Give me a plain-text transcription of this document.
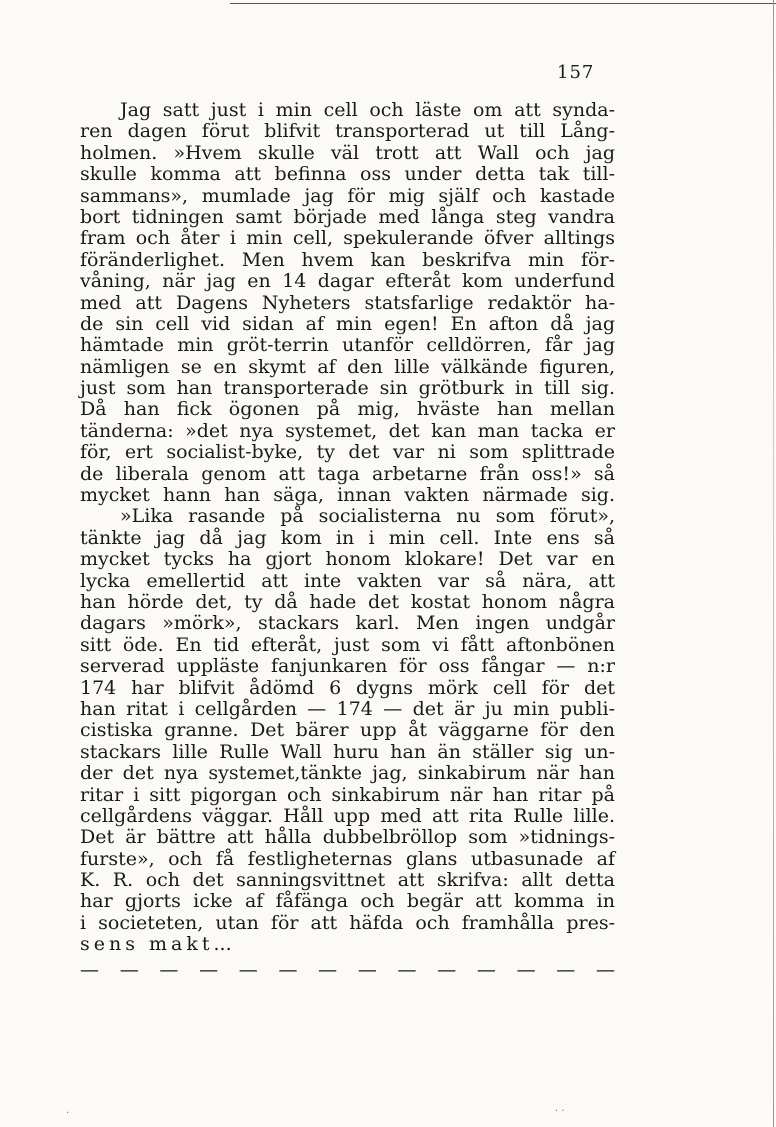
157
Jag satt just i min cell och läste om att synda-
ren dagen förut blifvit transporterad ut till Lång-
holmen. »Hvem skulle väl trott att Wall och jag
skulle komma att befinna oss under detta tak till-
sammans», mumlade jag för mig själf och kastade
bort tidningen samt började med långa steg vandra
fram och åter i min cell, spekulerande öfver alltings
föränderlighet. Men hvem kan beskrifva min för-
våning, när jag en 14 dagar efteråt kom underfund
med att Dagens Nyheters statsfarlige redaktör ha-
de sin cell vid sidan af min egen! En afton då jag
hämtade min gröt-terrin utanför celldörren, får jag
nämligen se en skymt af den lille välkände figuren,
just som han transporterade sin grötburk in till sig.
Då han fick ögonen på mig, hväste han mellan
tänderna: »det nya systemet, det kan man tacka er
för, ert socialist-byke, ty det var ni som splittrade
de liberala genom att taga arbetarne från oss!» så
mycket hann han säga, innan vakten närmade sig.
»Lika rasande på socialisterna nu som förut»,
tänkte jag då jag kom in i min cell. Inte ens så
mycket tycks ha gjort honom klokare! Det var en
lycka emellertid att inte vakten var så nära, att
han hörde det, ty då hade det kostat honom några
dagars »mörk», stackars karl. Men ingen undgår
sitt öde. En tid efteråt, just som vi fått aftonbönen
serverad uppläste fanjunkaren för oss fångar — n:r
174 har blifvit ådömd 6 dygns mörk cell för det
han ritat i cellgården — 174 — det är ju min publi-
cistiska granne. Det bärer upp åt väggarne för den
stackars lille Rulle Wall huru han än ställer sig un-
der det nya systemet,tänkte jag, sinkabirum när han
ritar i sitt pigorgan och sinkabirum när han ritar på
cellgårdens väggar. Håll upp med att rita Rulle lille.
Det är bättre att hålla dubbelbröllop som »tidnings-
furste», och få festligheternas glans utbasunade af
K. R. och det sanningsvittnet att skrifva: allt detta
har gjorts icke af fåfänga och begär att komma in
i societeten, utan för att häfda och framhålla pres-
sens makt...
— — — — — — — — — — — — — —
·	· ·
